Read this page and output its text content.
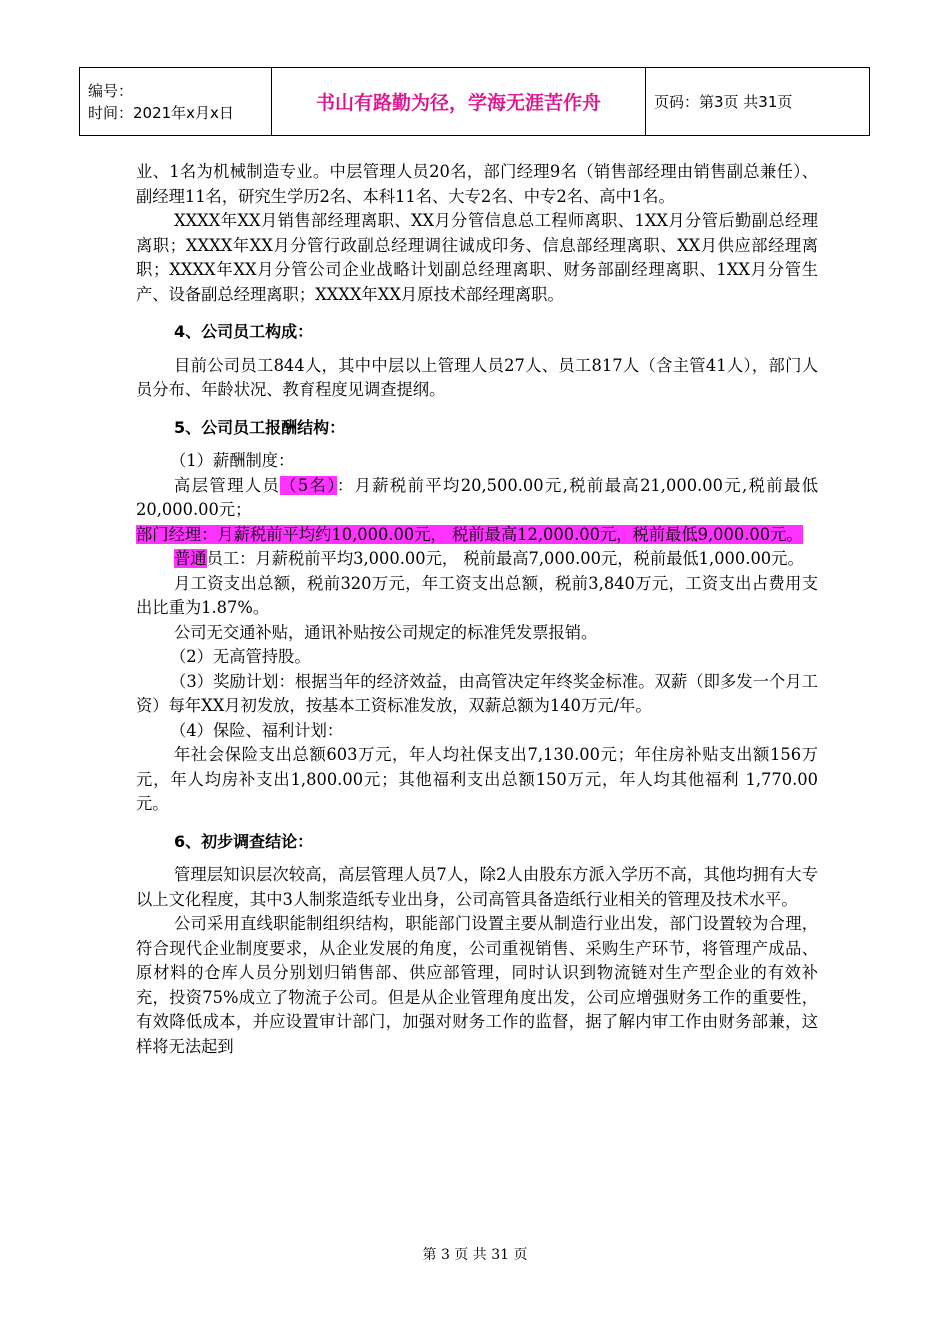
编号：
时间：2021年x月x日	书山有路勤为径，学海无涯苦作舟	页码：第3页 共31页

业、1名为机械制造专业。中层管理人员20名，部门经理9名（销售部经理由销售副总兼任）、副经理11名，研究生学历2名、本科11名、大专2名、中专2名、高中1名。

XXXX年XX月销售部经理离职、XX月分管信息总工程师离职、1XX月分管后勤副总经理离职；XXXX年XX月分管行政副总经理调往诚成印务、信息部经理离职、XX月供应部经理离职；XXXX年XX月分管公司企业战略计划副总经理离职、财务部副经理离职、1XX月分管生产、设备副总经理离职；XXXX年XX月原技术部经理离职。

4、公司员工构成：

目前公司员工844人，其中中层以上管理人员27人、员工817人（含主管41人），部门人员分布、年龄状况、教育程度见调查提纲。

5、公司员工报酬结构：

（1）薪酬制度：

高层管理人员（5名）：月薪税前平均20,500.00元,税前最高21,000.00元,税前最低20,000.00元；

部门经理：月薪税前平均约10,000.00元， 税前最高12,000.00元，税前最低9,000.00元。

普通员工：月薪税前平均3,000.00元， 税前最高7,000.00元，税前最低1,000.00元。

月工资支出总额，税前320万元，年工资支出总额，税前3,840万元，工资支出占费用支出比重为1.87%。

公司无交通补贴，通讯补贴按公司规定的标准凭发票报销。

（2）无高管持股。

（3）奖励计划：根据当年的经济效益，由高管决定年终奖金标准。双薪（即多发一个月工资）每年XX月初发放，按基本工资标准发放，双薪总额为140万元/年。

（4）保险、福利计划：

年社会保险支出总额603万元，年人均社保支出7,130.00元；年住房补贴支出额156万元，年人均房补支出1,800.00元；其他福利支出总额150万元，年人均其他福利 1,770.00元。

6、初步调查结论：

管理层知识层次较高，高层管理人员7人，除2人由股东方派入学历不高，其他均拥有大专以上文化程度，其中3人制浆造纸专业出身，公司高管具备造纸行业相关的管理及技术水平。

公司采用直线职能制组织结构，职能部门设置主要从制造行业出发，部门设置较为合理，符合现代企业制度要求，从企业发展的角度，公司重视销售、采购生产环节，将管理产成品、原材料的仓库人员分别划归销售部、供应部管理，同时认识到物流链对生产型企业的有效补充，投资75%成立了物流子公司。但是从企业管理角度出发，公司应增强财务工作的重要性，有效降低成本，并应设置审计部门，加强对财务工作的监督，据了解内审工作由财务部兼，这样将无法起到

第 3 页 共 31 页
